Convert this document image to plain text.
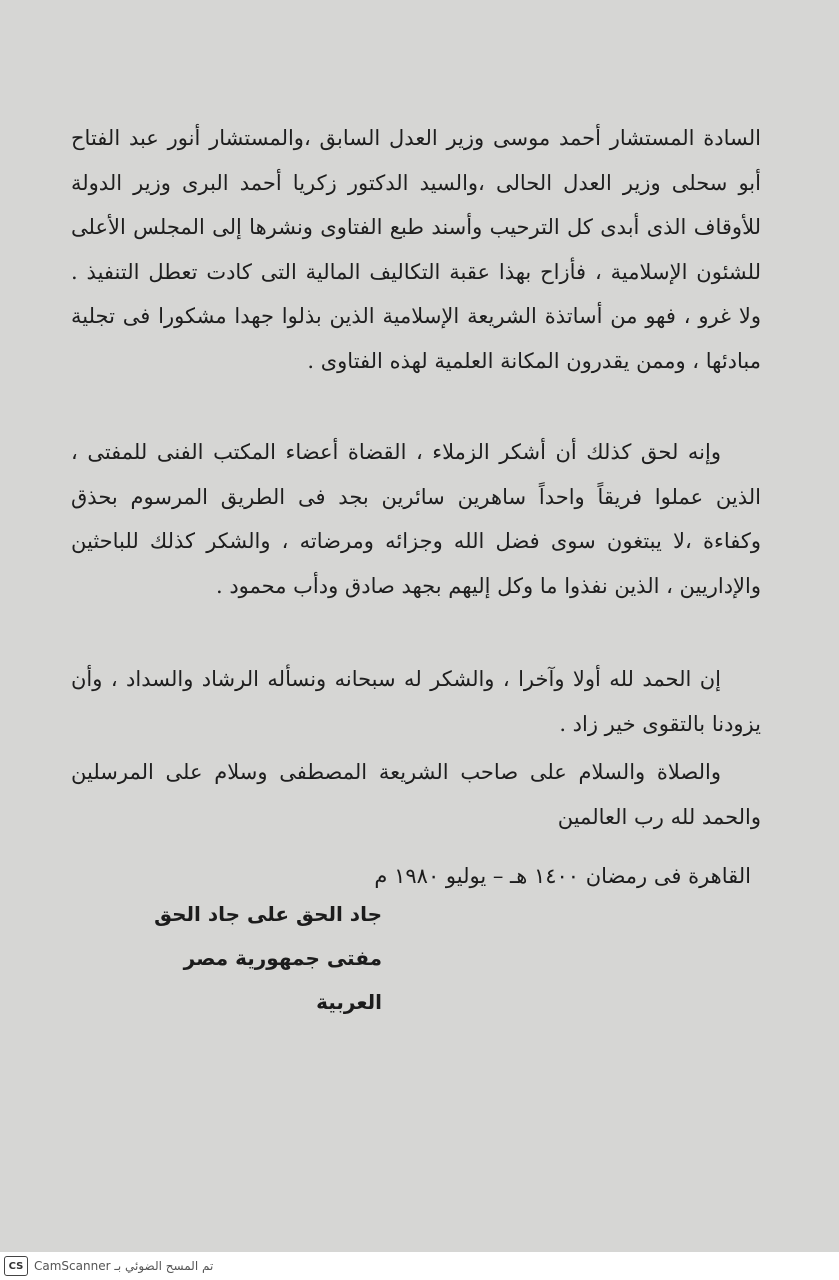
السادة المستشار أحمد موسى وزير العدل السابق ،والمستشار أنور عبد الفتاح أبو سحلى وزير العدل الحالى ،والسيد الدكتور زكريا أحمد البرى وزير الدولة للأوقاف الذى أبدى كل الترحيب وأسند طبع الفتاوى ونشرها إلى المجلس الأعلى للشئون الإسلامية ، فأزاح بهذا عقبة التكاليف المالية التى كادت تعطل التنفيذ . ولا غرو ، فهو من أساتذة الشريعة الإسلامية الذين بذلوا جهدا مشكورا فى تجلية مبادئها ، وممن يقدرون المكانة العلمية لهذه الفتاوى .

وإنه لحق كذلك أن أشكر الزملاء ، القضاة أعضاء المكتب الفنى للمفتى ، الذين عملوا فريقاً واحداً ساهرين سائرين بجد فى الطريق المرسوم بحذق وكفاءة ،لا يبتغون سوى فضل الله وجزائه ومرضاته ، والشكر كذلك للباحثين والإداريين ، الذين نفذوا ما وكل إليهم بجهد صادق ودأب محمود .

إن الحمد لله أولا وآخرا ، والشكر له سبحانه ونسأله الرشاد والسداد ، وأن يزودنا بالتقوى خير زاد .

والصلاة والسلام على صاحب الشريعة المصطفى وسلام على المرسلين والحمد لله رب العالمين

القاهرة فى رمضان ١٤٠٠ هـ – يوليو ١٩٨٠ م
جاد الحق على جاد الحق
مفتى جمهورية مصر العربية
CS تم المسح الضوئي بـ CamScanner
